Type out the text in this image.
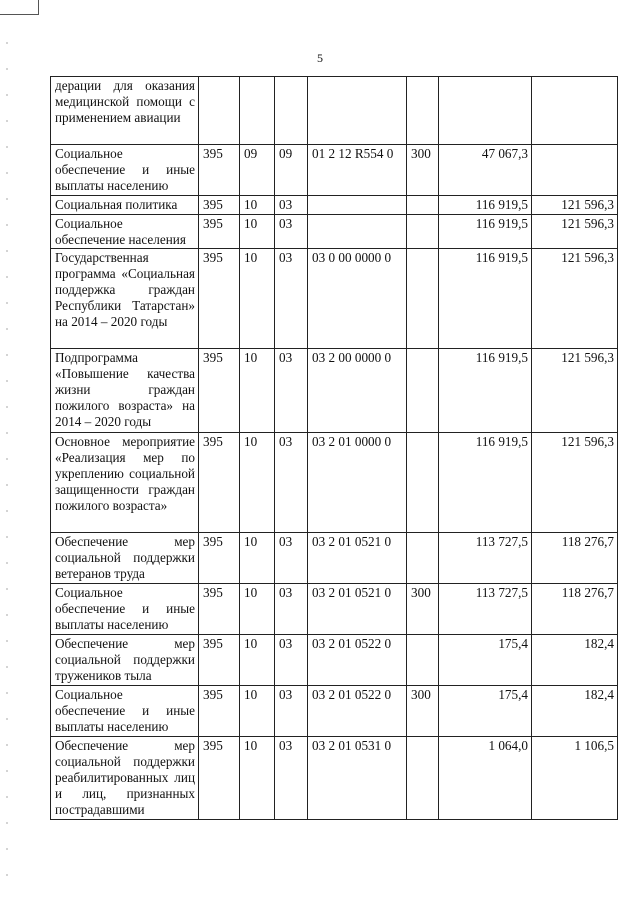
5
дерации для оказания медицинской помощи с применением авиации							
Социальное обеспечение и иные выплаты населению	395	09	09	01 2 12 R554 0	300	47 067,3	
Социальная политика	395	10	03			116 919,5	121 596,3
Социальное обеспечение населения	395	10	03			116 919,5	121 596,3
Государственная программа «Социальная поддержка граждан Республики Татарстан» на 2014 – 2020 годы	395	10	03	03 0 00 0000 0		116 919,5	121 596,3
Подпрограмма «Повышение качества жизни граждан пожилого возраста» на 2014 – 2020 годы	395	10	03	03 2 00 0000 0		116 919,5	121 596,3
Основное мероприятие «Реализация мер по укреплению социальной защищенности граждан пожилого возраста»	395	10	03	03 2 01 0000 0		116 919,5	121 596,3
Обеспечение мер социальной поддержки ветеранов труда	395	10	03	03 2 01 0521 0		113 727,5	118 276,7
Социальное обеспечение и иные выплаты населению	395	10	03	03 2 01 0521 0	300	113 727,5	118 276,7
Обеспечение мер социальной поддержки тружеников тыла	395	10	03	03 2 01 0522 0		175,4	182,4
Социальное обеспечение и иные выплаты населению	395	10	03	03 2 01 0522 0	300	175,4	182,4
Обеспечение мер социальной поддержки реабилитированных лиц и лиц, признанных пострадавшими	395	10	03	03 2 01 0531 0		1 064,0	1 106,5
